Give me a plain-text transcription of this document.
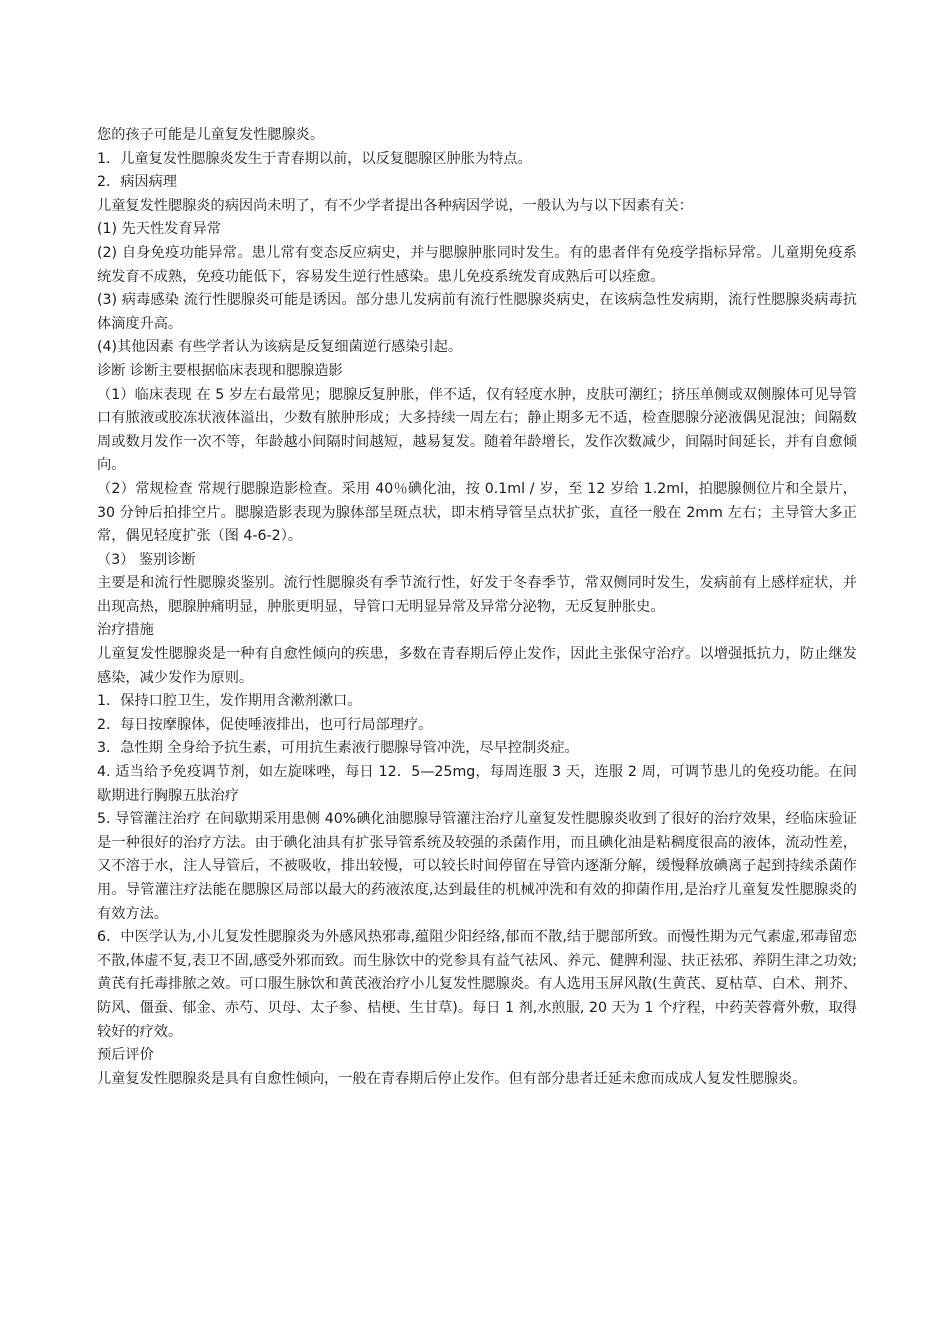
您的孩子可能是儿童复发性腮腺炎。

1．儿童复发性腮腺炎发生于青春期以前，以反复腮腺区肿胀为特点。

2．病因病理

儿童复发性腮腺炎的病因尚未明了，有不少学者提出各种病因学说，一般认为与以下因素有关：

(1) 先天性发育异常

(2) 自身免疫功能异常。患儿常有变态反应病史，并与腮腺肿胀同时发生。有的患者伴有免疫学指标异常。儿童期免疫系统发育不成熟，免疫功能低下，容易发生逆行性感染。患儿免疫系统发育成熟后可以痊愈。

(3) 病毒感染 流行性腮腺炎可能是诱因。部分患儿发病前有流行性腮腺炎病史，在该病急性发病期，流行性腮腺炎病毒抗体滴度升高。

(4)其他因素 有些学者认为该病是反复细菌逆行感染引起。

诊断 诊断主要根据临床表现和腮腺造影

（1）临床表现 在 5 岁左右最常见；腮腺反复肿胀，伴不适，仅有轻度水肿，皮肤可潮红；挤压单侧或双侧腺体可见导管口有脓液或胶冻状液体溢出，少数有脓肿形成；大多持续一周左右；静止期多无不适，检查腮腺分泌液偶见混浊；间隔数周或数月发作一次不等，年龄越小间隔时间越短，越易复发。随着年龄增长，发作次数减少，间隔时间延长，并有自愈倾向。

（2）常规检查 常规行腮腺造影检查。采用 40％碘化油，按 0.1ml / 岁，至 12 岁给 1.2ml，拍腮腺侧位片和全景片，30 分钟后拍排空片。腮腺造影表现为腺体部呈斑点状，即末梢导管呈点状扩张，直径一般在 2mm 左右；主导管大多正常，偶见轻度扩张（图 4-6-2）。

（3） 鉴别诊断

主要是和流行性腮腺炎鉴别。流行性腮腺炎有季节流行性，好发于冬春季节，常双侧同时发生，发病前有上感样症状，并出现高热，腮腺肿痛明显，肿胀更明显，导管口无明显异常及异常分泌物，无反复肿胀史。

治疗措施

儿童复发性腮腺炎是一种有自愈性倾向的疾患，多数在青春期后停止发作，因此主张保守治疗。以增强抵抗力，防止继发感染，减少发作为原则。

1．保持口腔卫生，发作期用含漱剂漱口。

2．每日按摩腺体，促使唾液排出，也可行局部理疗。

3．急性期 全身给予抗生素，可用抗生素液行腮腺导管冲洗，尽早控制炎症。

4. 适当给予免疫调节剂，如左旋咪唑，每日 12．5—25mg，每周连服 3 天，连服 2 周，可调节患儿的免疫功能。在间歇期进行胸腺五肽治疗

5. 导管灌注治疗 在间歇期采用患侧 40%碘化油腮腺导管灌注治疗儿童复发性腮腺炎收到了很好的治疗效果，经临床验证是一种很好的治疗方法。由于碘化油具有扩张导管系统及较强的杀菌作用，而且碘化油是粘稠度很高的液体，流动性差，又不溶于水，注人导管后，不被吸收，排出较慢，可以较长时间停留在导管内逐渐分解，缓慢释放碘离子起到持续杀菌作用。导管灌注疗法能在腮腺区局部以最大的药液浓度,达到最佳的机械冲洗和有效的抑菌作用,是治疗儿童复发性腮腺炎的有效方法。

6．中医学认为,小儿复发性腮腺炎为外感风热邪毒,蕴阻少阳经络,郁而不散,结于腮部所致。而慢性期为元气素虚,邪毒留恋不散,体虚不复,表卫不固,感受外邪而致。而生脉饮中的党参具有益气祛风、养元、健脾利湿、扶正祛邪、养阴生津之功效;黄芪有托毒排脓之效。可口服生脉饮和黄芪液治疗小儿复发性腮腺炎。有人选用玉屏风散(生黄芪、夏枯草、白术、荆芥、防风、僵蚕、郁金、赤芍、贝母、太子参、桔梗、生甘草)。每日 1 剂,水煎服, 20 天为 1 个疗程，中药芙蓉膏外敷，取得较好的疗效。

预后评价

儿童复发性腮腺炎是具有自愈性倾向，一般在青春期后停止发作。但有部分患者迁延未愈而成成人复发性腮腺炎。
